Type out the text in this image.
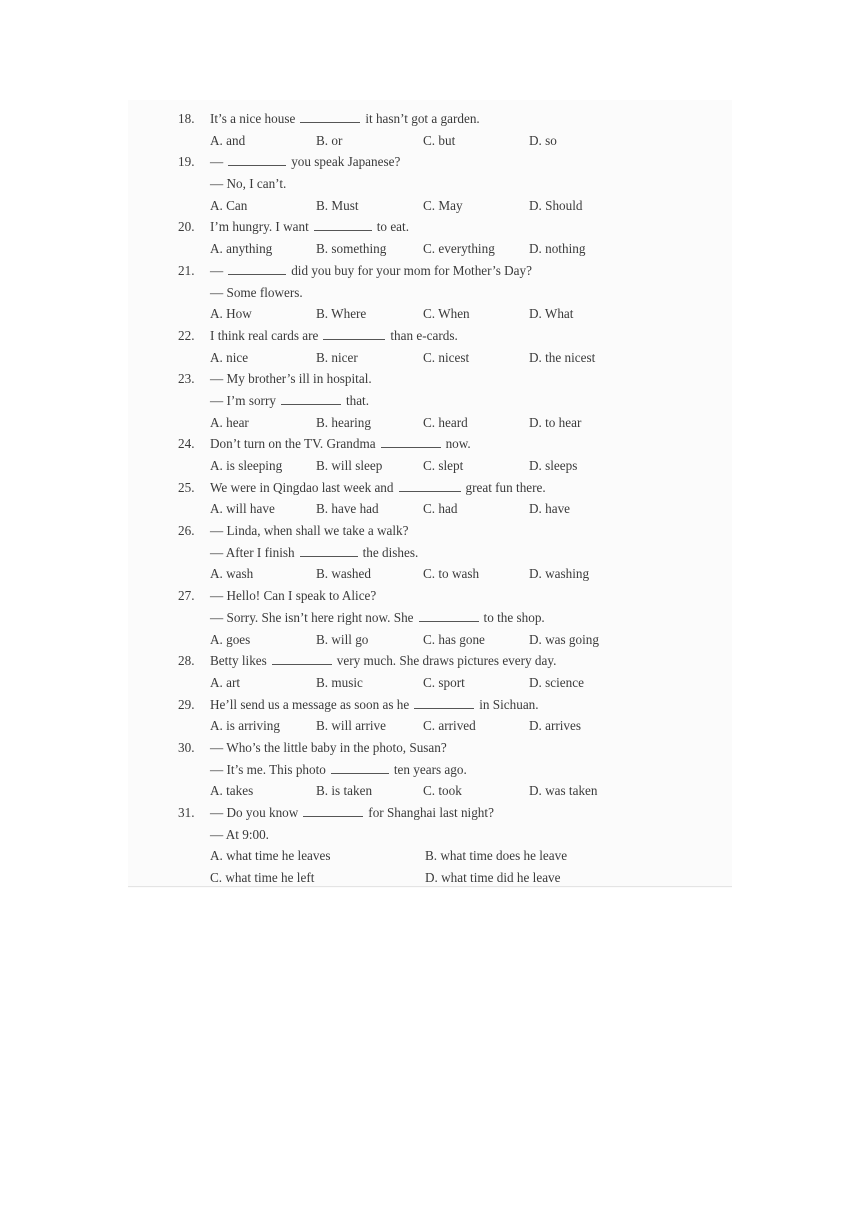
18. It’s a nice house	it hasn’t got a garden.
A. and	B. or	C. but	D. so
19. —	you speak Japanese?
— No, I can’t.
A. Can	B. Must	C. May	D. Should
20. I’m hungry. I want	to eat.
A. anything	B. something	C. everything	D. nothing
21. —	did you buy for your mom for Mother’s Day?
— Some flowers.
A. How	B. Where	C. When	D. What
22. I think real cards are	than e-cards.
A. nice	B. nicer	C. nicest	D. the nicest
23. — My brother’s ill in hospital.
— I’m sorry	that.
A. hear	B. hearing	C. heard	D. to hear
24. Don’t turn on the TV. Grandma	now.
A. is sleeping	B. will sleep	C. slept	D. sleeps
25. We were in Qingdao last week and	great fun there.
A. will have	B. have had	C. had	D. have
26. — Linda, when shall we take a walk?
— After I finish	the dishes.
A. wash	B. washed	C. to wash	D. washing
27. — Hello! Can I speak to Alice?
— Sorry. She isn’t here right now. She	to the shop.
A. goes	B. will go	C. has gone	D. was going
28. Betty likes	very much. She draws pictures every day.
A. art	B. music	C. sport	D. science
29. He’ll send us a message as soon as he	in Sichuan.
A. is arriving	B. will arrive	C. arrived	D. arrives
30. — Who’s the little baby in the photo, Susan?
— It’s me. This photo	ten years ago.
A. takes	B. is taken	C. took	D. was taken
31. — Do you know	for Shanghai last night?
— At 9:00.
A. what time he leaves	B. what time does he leave
C. what time he left	D. what time did he leave
